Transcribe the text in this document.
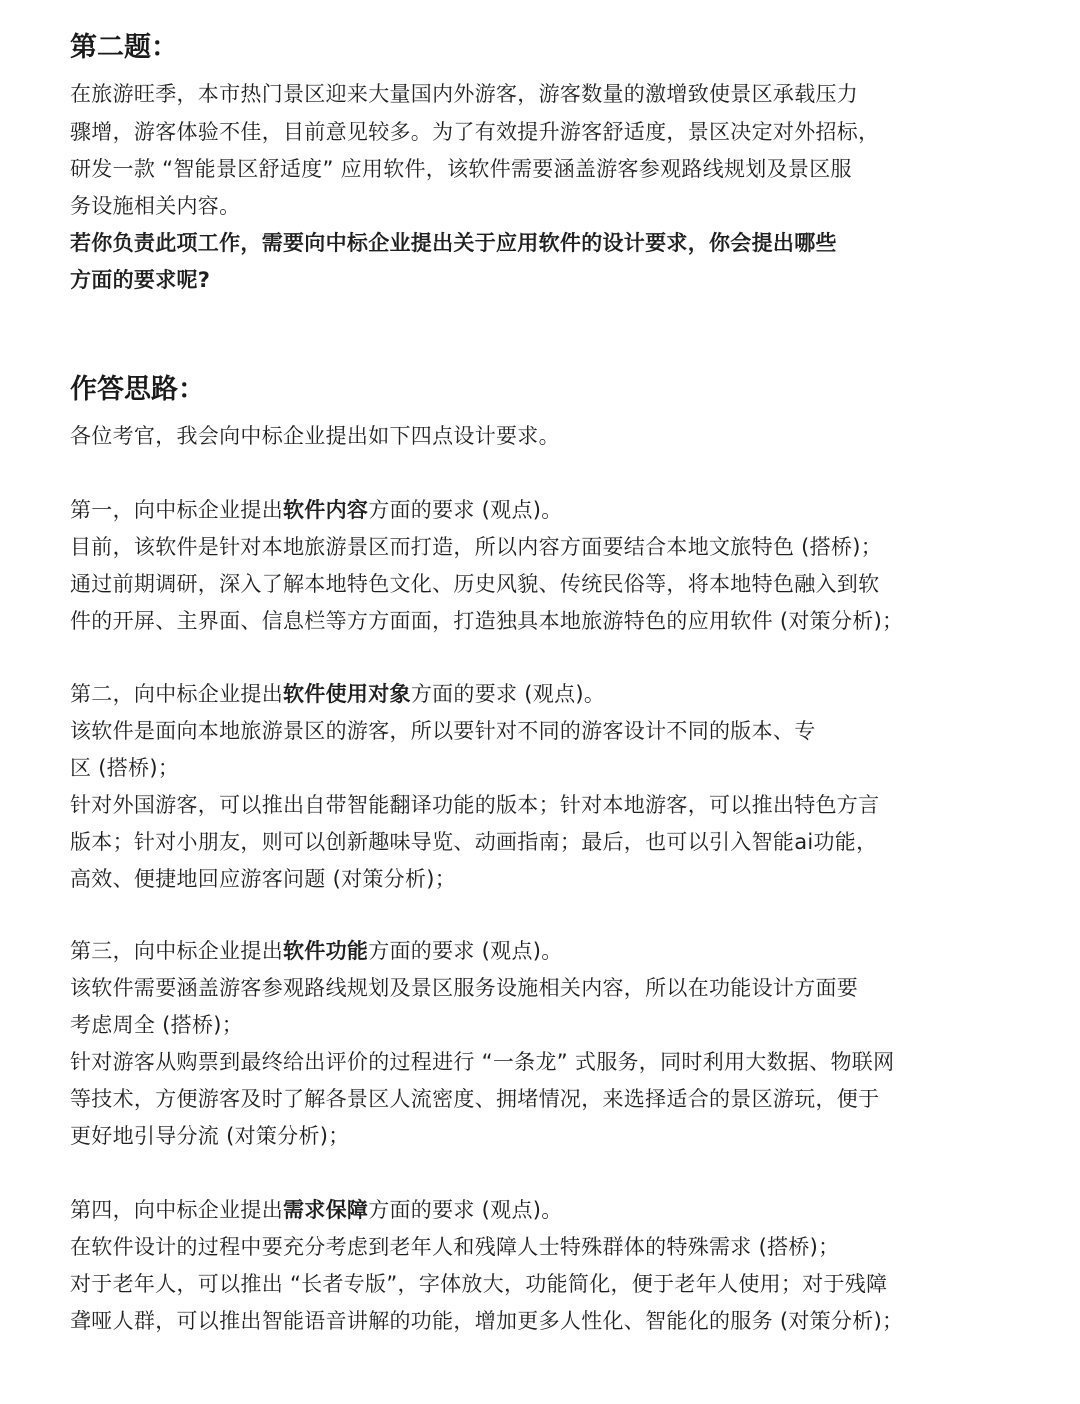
第二题：
在旅游旺季，本市热门景区迎来大量国内外游客，游客数量的激增致使景区承载压力
骤增，游客体验不佳，目前意见较多。为了有效提升游客舒适度，景区决定对外招标，
研发一款 “智能景区舒适度” 应用软件，该软件需要涵盖游客参观路线规划及景区服
务设施相关内容。
若你负责此项工作，需要向中标企业提出关于应用软件的设计要求，你会提出哪些
方面的要求呢?
作答思路：
各位考官，我会向中标企业提出如下四点设计要求。
第一，向中标企业提出软件内容方面的要求 (观点)。
目前，该软件是针对本地旅游景区而打造，所以内容方面要结合本地文旅特色 (搭桥)；
通过前期调研，深入了解本地特色文化、历史风貌、传统民俗等，将本地特色融入到软
件的开屏、主界面、信息栏等方方面面，打造独具本地旅游特色的应用软件 (对策分析)；
第二，向中标企业提出软件使用对象方面的要求 (观点)。
该软件是面向本地旅游景区的游客，所以要针对不同的游客设计不同的版本、专
区 (搭桥)；
针对外国游客，可以推出自带智能翻译功能的版本；针对本地游客，可以推出特色方言
版本；针对小朋友，则可以创新趣味导览、动画指南；最后，也可以引入智能ai功能，
高效、便捷地回应游客问题 (对策分析)；
第三，向中标企业提出软件功能方面的要求 (观点)。
该软件需要涵盖游客参观路线规划及景区服务设施相关内容，所以在功能设计方面要
考虑周全 (搭桥)；
针对游客从购票到最终给出评价的过程进行 “一条龙” 式服务，同时利用大数据、物联网
等技术，方便游客及时了解各景区人流密度、拥堵情况，来选择适合的景区游玩，便于
更好地引导分流 (对策分析)；
第四，向中标企业提出需求保障方面的要求 (观点)。
在软件设计的过程中要充分考虑到老年人和残障人士特殊群体的特殊需求 (搭桥)；
对于老年人，可以推出 “长者专版”，字体放大，功能简化，便于老年人使用；对于残障
聋哑人群，可以推出智能语音讲解的功能，增加更多人性化、智能化的服务 (对策分析)；
